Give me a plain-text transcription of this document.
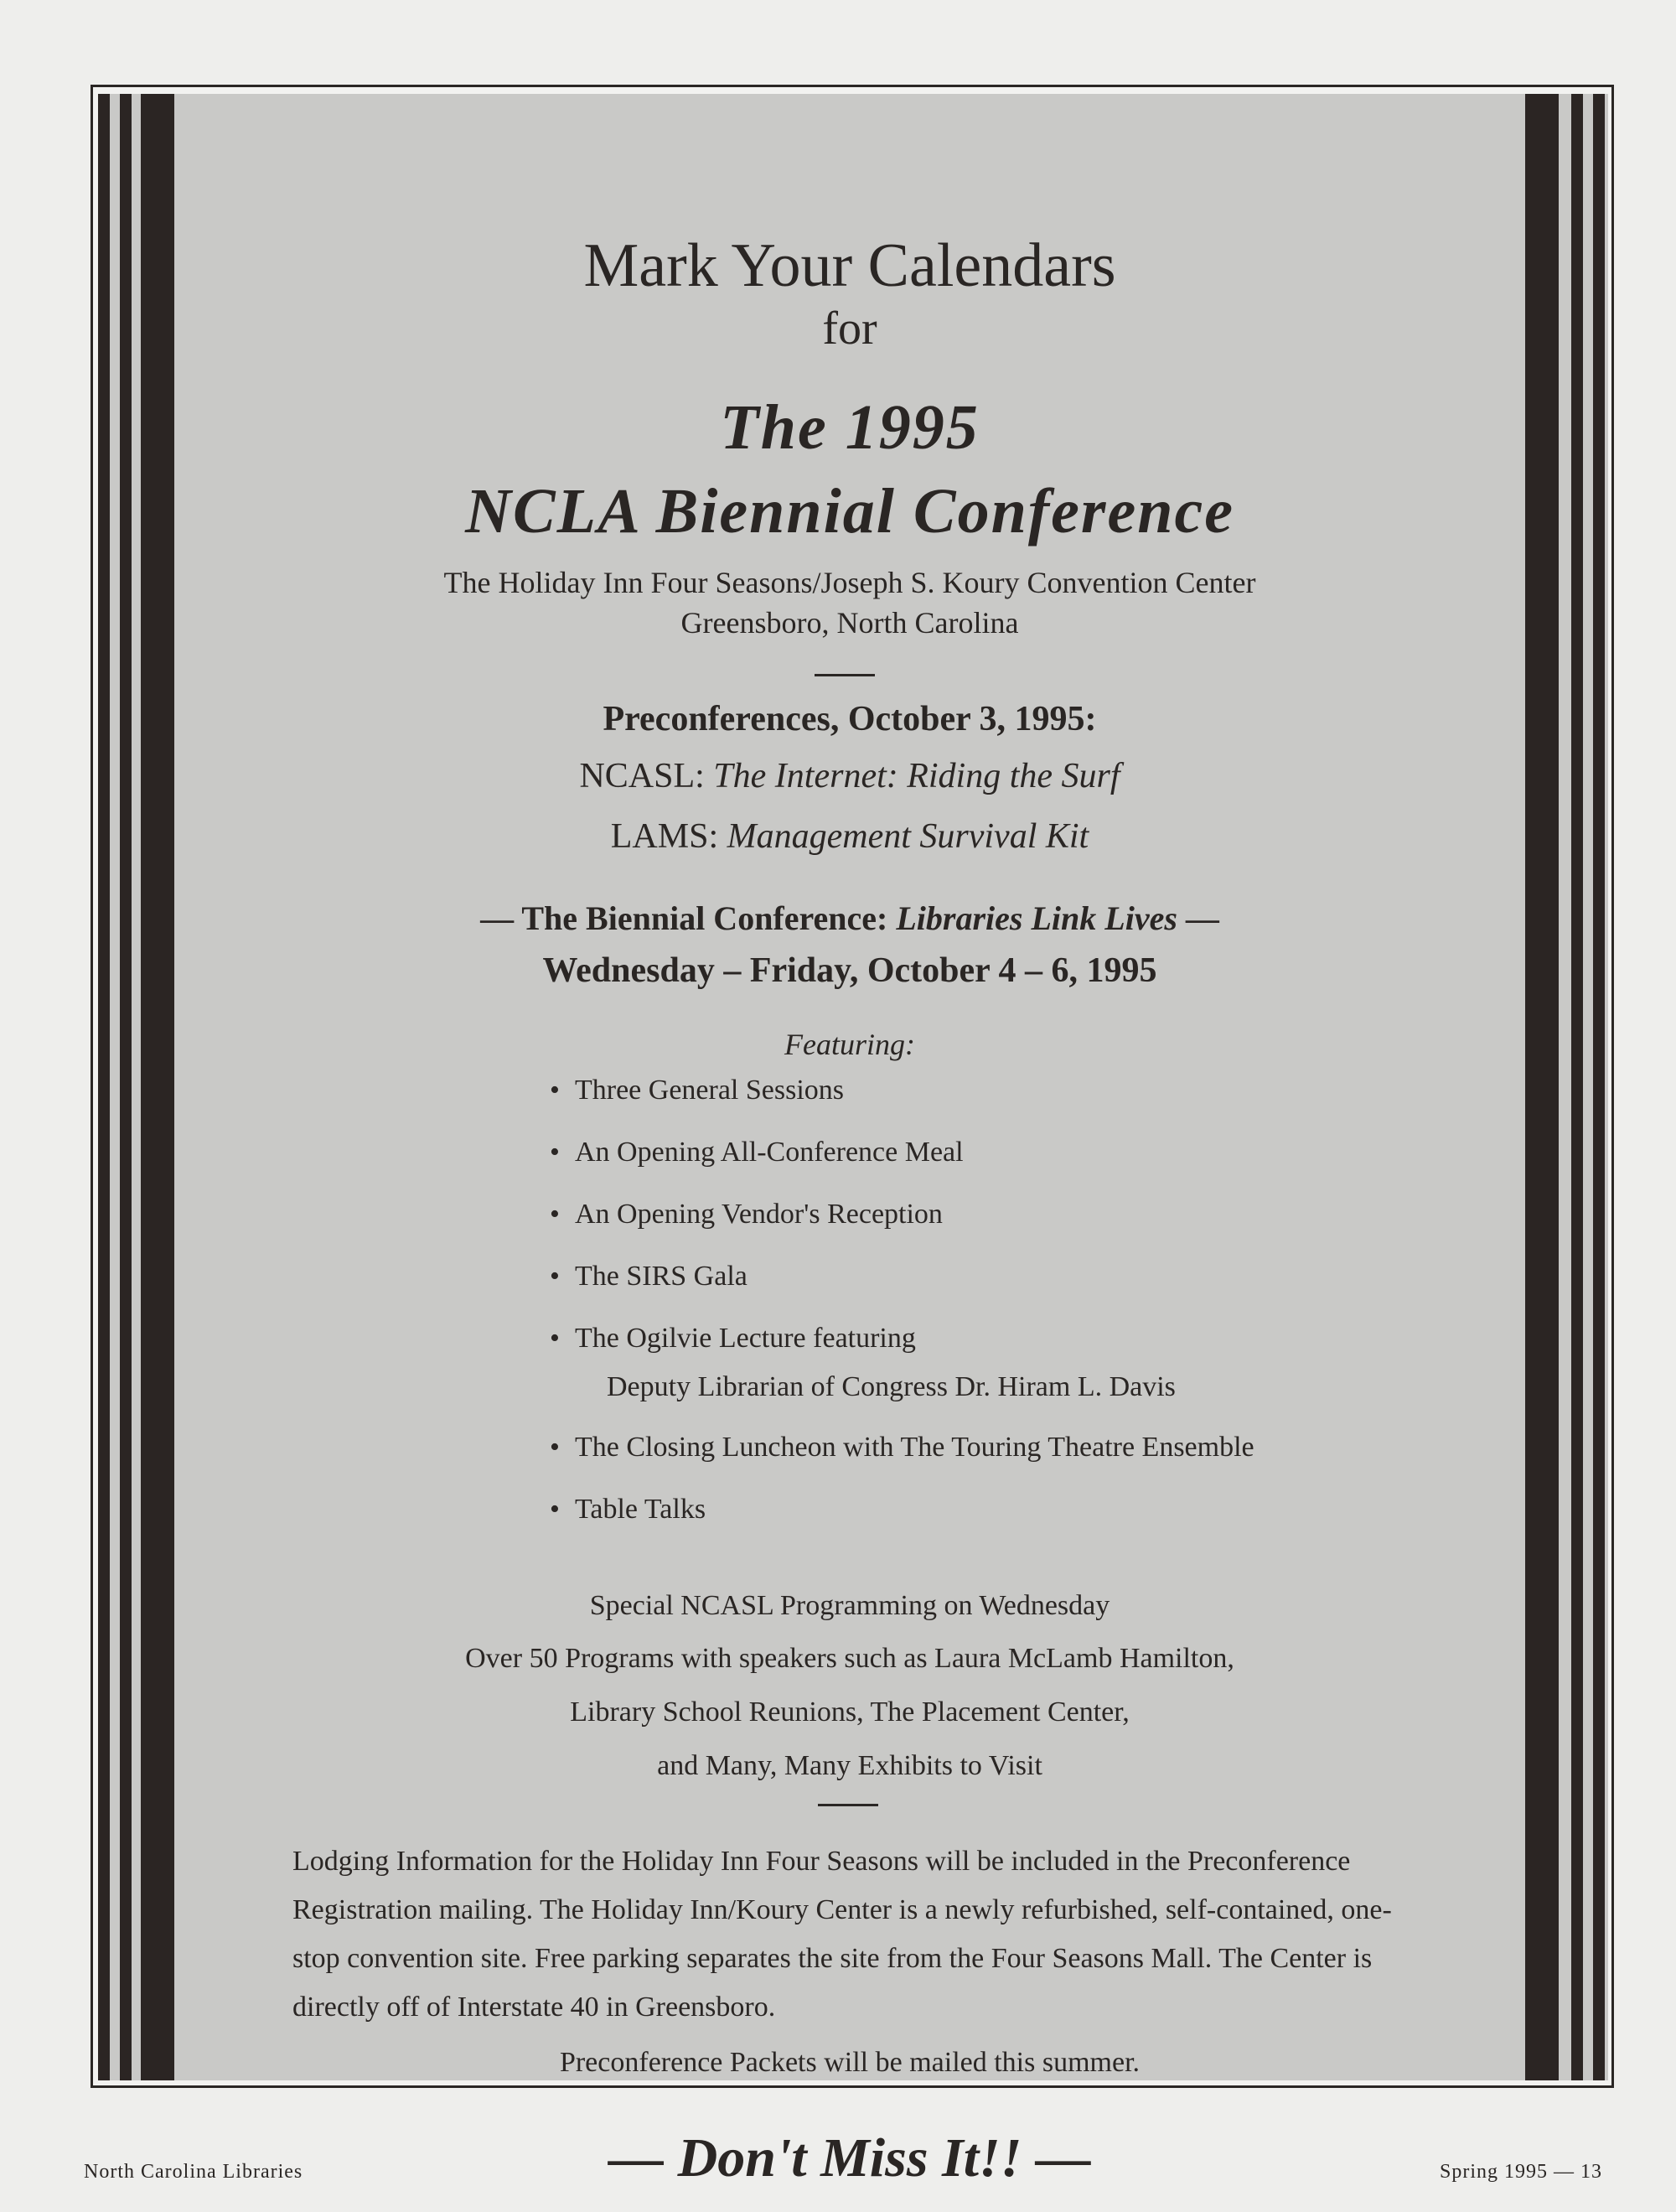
Mark Your Calendars
for
The 1995
NCLA Biennial Conference
The Holiday Inn Four Seasons/Joseph S. Koury Convention Center
Greensboro, North Carolina
Preconferences, October 3, 1995:
NCASL: The Internet: Riding the Surf
LAMS: Management Survival Kit
— The Biennial Conference: Libraries Link Lives —
Wednesday – Friday, October 4 – 6, 1995
Featuring:
• Three General Sessions
• An Opening All-Conference Meal
• An Opening Vendor's Reception
• The SIRS Gala
• The Ogilvie Lecture featuring
Deputy Librarian of Congress Dr. Hiram L. Davis
• The Closing Luncheon with The Touring Theatre Ensemble
• Table Talks
Special NCASL Programming on Wednesday
Over 50 Programs with speakers such as Laura McLamb Hamilton,
Library School Reunions, The Placement Center,
and Many, Many Exhibits to Visit
Lodging Information for the Holiday Inn Four Seasons will be included in the Preconference Registration mailing. The Holiday Inn/Koury Center is a newly refurbished, self-contained, one-stop convention site. Free parking separates the site from the Four Seasons Mall. The Center is directly off of Interstate 40 in Greensboro.
Preconference Packets will be mailed this summer.
— Don't Miss It!! —
North Carolina Libraries	Spring 1995 — 13
